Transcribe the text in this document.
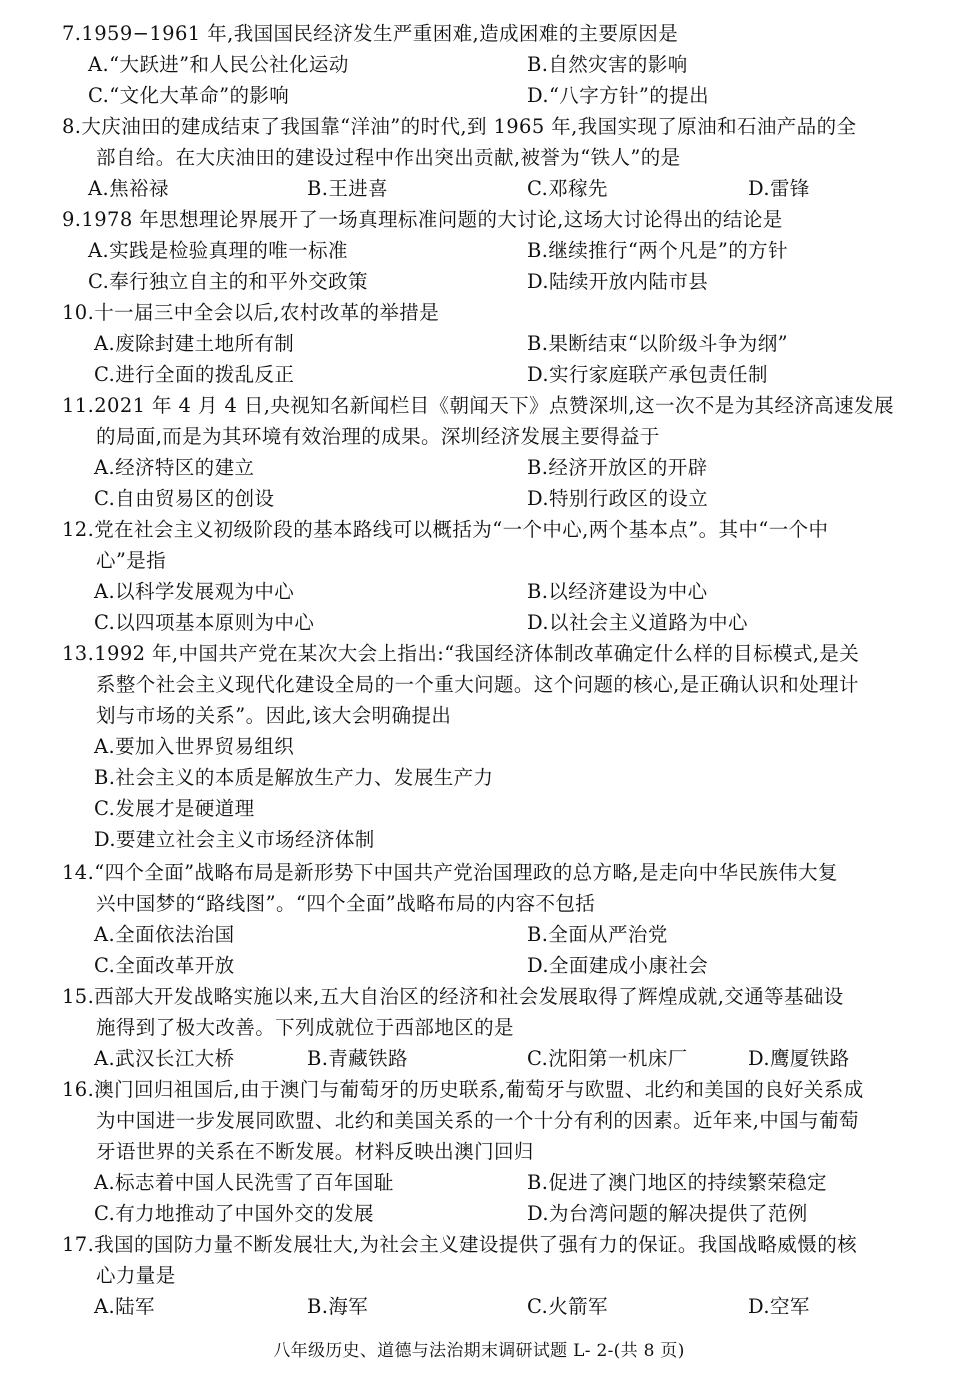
7.1959−1961 年,我国国民经济发生严重困难,造成困难的主要原因是
A.“大跃进”和人民公社化运动	B.自然灾害的影响
C.“文化大革命”的影响	D.“八字方针”的提出
8.大庆油田的建成结束了我国靠“洋油”的时代,到 1965 年,我国实现了原油和石油产品的全
部自给。在大庆油田的建设过程中作出突出贡献,被誉为“铁人”的是
A.焦裕禄	B.王进喜	C.邓稼先	D.雷锋
9.1978 年思想理论界展开了一场真理标准问题的大讨论,这场大讨论得出的结论是
A.实践是检验真理的唯一标准	B.继续推行“两个凡是”的方针
C.奉行独立自主的和平外交政策	D.陆续开放内陆市县
10.十一届三中全会以后,农村改革的举措是
A.废除封建土地所有制	B.果断结束“以阶级斗争为纲”
C.进行全面的拨乱反正	D.实行家庭联产承包责任制
11.2021 年 4 月 4 日,央视知名新闻栏目《朝闻天下》点赞深圳,这一次不是为其经济高速发展
的局面,而是为其环境有效治理的成果。深圳经济发展主要得益于
A.经济特区的建立	B.经济开放区的开辟
C.自由贸易区的创设	D.特别行政区的设立
12.党在社会主义初级阶段的基本路线可以概括为“一个中心,两个基本点”。其中“一个中
心”是指
A.以科学发展观为中心	B.以经济建设为中心
C.以四项基本原则为中心	D.以社会主义道路为中心
13.1992 年,中国共产党在某次大会上指出:“我国经济体制改革确定什么样的目标模式,是关
系整个社会主义现代化建设全局的一个重大问题。这个问题的核心,是正确认识和处理计
划与市场的关系”。因此,该大会明确提出
A.要加入世界贸易组织
B.社会主义的本质是解放生产力、发展生产力
C.发展才是硬道理
D.要建立社会主义市场经济体制
14.“四个全面”战略布局是新形势下中国共产党治国理政的总方略,是走向中华民族伟大复
兴中国梦的“路线图”。“四个全面”战略布局的内容不包括
A.全面依法治国	B.全面从严治党
C.全面改革开放	D.全面建成小康社会
15.西部大开发战略实施以来,五大自治区的经济和社会发展取得了辉煌成就,交通等基础设
施得到了极大改善。下列成就位于西部地区的是
A.武汉长江大桥	B.青藏铁路	C.沈阳第一机床厂	D.鹰厦铁路
16.澳门回归祖国后,由于澳门与葡萄牙的历史联系,葡萄牙与欧盟、北约和美国的良好关系成
为中国进一步发展同欧盟、北约和美国关系的一个十分有利的因素。近年来,中国与葡萄
牙语世界的关系在不断发展。材料反映出澳门回归
A.标志着中国人民洗雪了百年国耻	B.促进了澳门地区的持续繁荣稳定
C.有力地推动了中国外交的发展	D.为台湾问题的解决提供了范例
17.我国的国防力量不断发展壮大,为社会主义建设提供了强有力的保证。我国战略威慑的核
心力量是
A.陆军	B.海军	C.火箭军	D.空军
八年级历史、道德与法治期末调研试题 L- 2-(共 8 页)
